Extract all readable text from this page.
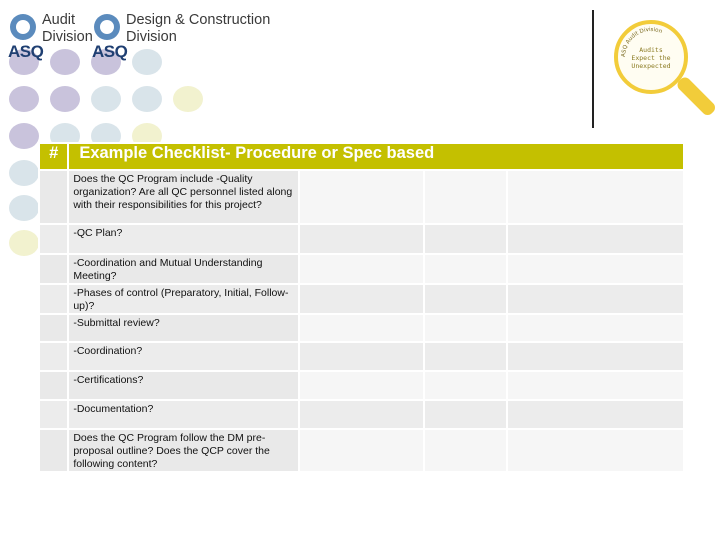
ASQ
Audit
Division
ASQ
Design & Construction
Division
ASQ Audit Division
Audits
Expect the
Unexpected
#	Example Checklist- Procedure or Spec based			
	Does the QC Program include -Quality organization? Are all QC personnel listed along with their responsibilities for this project?			
	-QC Plan?			
	-Coordination and Mutual Understanding Meeting?			
	-Phases of control (Preparatory, Initial, Follow-up)?			
	-Submittal review?			
	-Coordination?			
	-Certifications?			
	-Documentation?			
	Does the QC Program follow the DM pre-proposal outline? Does the QCP cover the following content?			
